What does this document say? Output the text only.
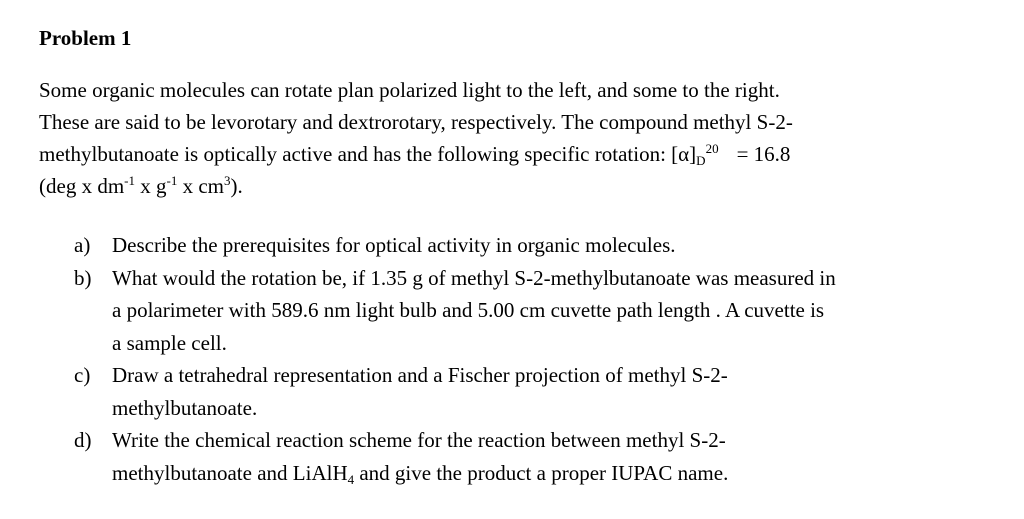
Problem 1
Some organic molecules can rotate plan polarized light to the left, and some to the right.
These are said to be levorotary and dextrorotary, respectively. The compound methyl S-2-
methylbutanoate is optically active and has the following specific rotation: $[\alpha]_D^{20} = 16.8$
(deg x $dm^{-1}$ x $g^{-1}$ x $cm^3$).
a) Describe the prerequisites for optical activity in organic molecules.
b) What would the rotation be, if 1.35 g of methyl S-2-methylbutanoate was measured in
a polarimeter with 589.6 nm light bulb and 5.00 cm cuvette path length . A cuvette is
a sample cell.
c) Draw a tetrahedral representation and a Fischer projection of methyl S-2-
methylbutanoate.
d) Write the chemical reaction scheme for the reaction between methyl S-2-
methylbutanoate and LiAlH$_4$ and give the product a proper IUPAC name.
